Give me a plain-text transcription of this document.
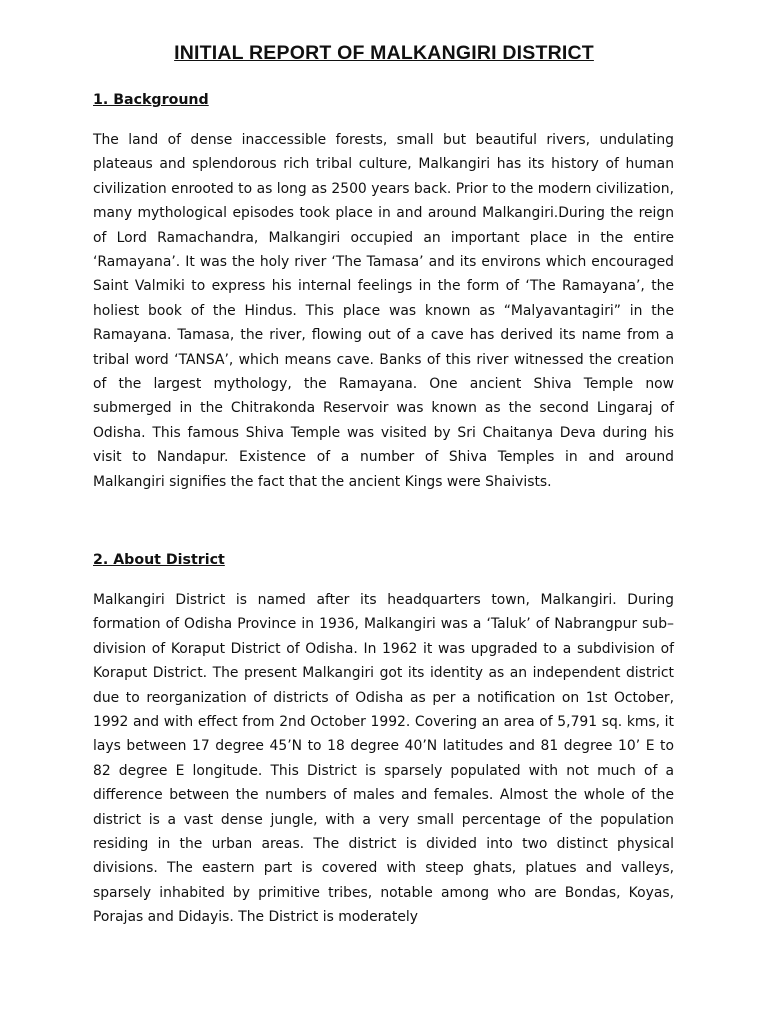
INITIAL REPORT OF MALKANGIRI DISTRICT
1. Background

The land of dense inaccessible forests, small but beautiful rivers, undulating plateaus and splendorous rich tribal culture, Malkangiri has its history of human civilization enrooted to as long as 2500 years back. Prior to the modern civilization, many mythological episodes took place in and around Malkangiri.During the reign of Lord Ramachandra, Malkangiri occupied an important place in the entire ‘Ramayana’. It was the holy river ‘The Tamasa’ and its environs which encouraged Saint Valmiki to express his internal feelings in the form of ‘The Ramayana’, the holiest book of the Hindus. This place was known as “Malyavantagiri” in the Ramayana. Tamasa, the river, flowing out of a cave has derived its name from a tribal word ‘TANSA’, which means cave. Banks of this river witnessed the creation of the largest mythology, the Ramayana. One ancient Shiva Temple now submerged in the Chitrakonda Reservoir was known as the second Lingaraj of Odisha. This famous Shiva Temple was visited by Sri Chaitanya Deva during his visit to Nandapur. Existence of a number of Shiva Temples in and around Malkangiri signifies the fact that the ancient Kings were Shaivists.

2. About District

Malkangiri District is named after its headquarters town, Malkangiri. During formation of Odisha Province in 1936, Malkangiri was a ‘Taluk’ of Nabrangpur sub–division of Koraput District of Odisha. In 1962 it was upgraded to a subdivision of Koraput District. The present Malkangiri got its identity as an independent district due to reorganization of districts of Odisha as per a notification on 1st October, 1992 and with effect from 2nd October 1992. Covering an area of 5,791 sq. kms, it lays between 17 degree 45’N to 18 degree 40’N latitudes and 81 degree 10’ E to 82 degree E longitude. This District is sparsely populated with not much of a difference between the numbers of males and females. Almost the whole of the district is a vast dense jungle, with a very small percentage of the population residing in the urban areas. The district is divided into two distinct physical divisions. The eastern part is covered with steep ghats, platues and valleys, sparsely inhabited by primitive tribes, notable among who are Bondas, Koyas, Porajas and Didayis. The District is moderately
